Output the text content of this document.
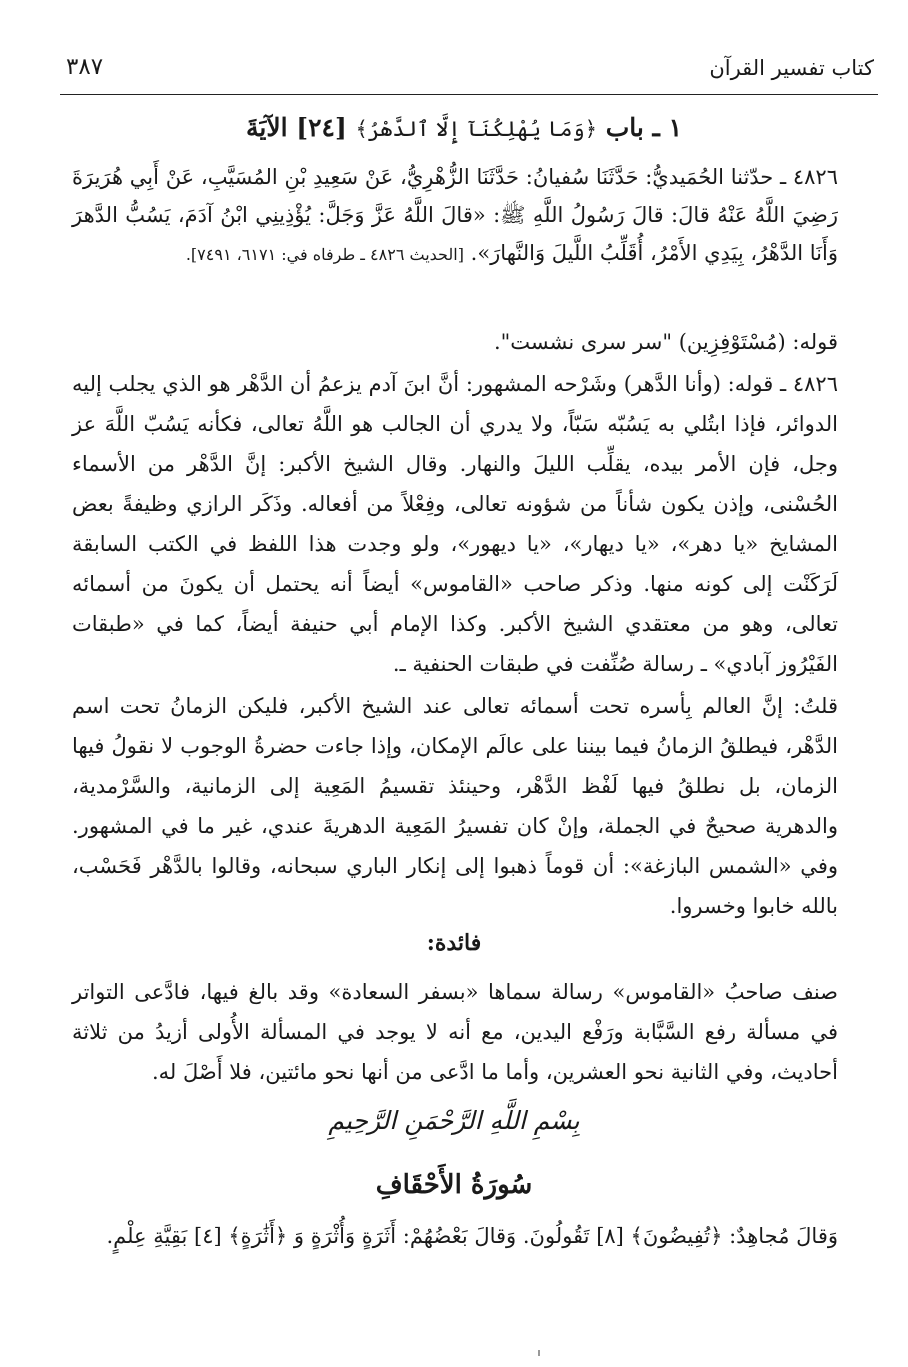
كتاب تفسير القرآن
٣٨٧
١ ـ باب ﴿وَمَا يُهْلِكُنَآ إِلَّا ٱلدَّهْرُ﴾ [٢٤] الآيَةَ
٤٨٢٦ ـ حدّثنا الحُمَيديُّ: حَدَّثَنَا سُفيانُ: حَدَّثَنَا الزُّهْرِيُّ، عَنْ سَعِيدِ بْنِ المُسَيَّبِ، عَنْ أَبِي هُرَيرَةَ رَضِيَ اللَّهُ عَنْهُ قالَ: قالَ رَسُولُ اللَّهِ ﷺ: «قالَ اللَّهُ عَزَّ وَجَلَّ: يُؤْذِينِي ابْنُ آدَمَ، يَسُبُّ الدَّهرَ وَأَنَا الدَّهْرُ، بِيَدِي الأَمْرُ، أُقَلِّبُ اللَّيلَ وَالنَّهارَ». [الحديث ٤٨٢٦ ـ طرفاه في: ٦١٧١، ٧٤٩١].
قوله: (مُسْتَوْفِزِين) "سر سرى نشست".
٤٨٢٦ ـ قوله: (وأنا الدَّهر) وشَرْحه المشهور: أنَّ ابنَ آدم يزعمُ أن الدَّهْر هو الذي يجلب إليه الدوائر، فإذا ابتُلي به يَسُبّه سَبّاً، ولا يدري أن الجالب هو اللَّهُ تعالى، فكأنه يَسُبّ اللَّهَ عز وجل، فإن الأمر بيده، يقلِّب الليلَ والنهار. وقال الشيخ الأكبر: إنَّ الدَّهْر من الأسماء الحُسْنى، وإذن يكون شأناً من شؤونه تعالى، وفِعْلاً من أفعاله. وذَكَر الرازي وظيفةً بعض المشايخ «يا دهر»، «يا ديهار»، «يا ديهور»، ولو وجدت هذا اللفظ في الكتب السابقة لَرَكَنْت إلى كونه منها. وذكر صاحب «القاموس» أيضاً أنه يحتمل أن يكونَ من أسمائه تعالى، وهو من معتقدي الشيخ الأكبر. وكذا الإمام أبي حنيفة أيضاً، كما في «طبقات الفَيْرُوز آبادي» ـ رسالة صُنِّفت في طبقات الحنفية ـ.
قلتُ: إنَّ العالم بِأسره تحت أسمائه تعالى عند الشيخ الأكبر، فليكن الزمانُ تحت اسم الدَّهْر، فيطلقُ الزمانُ فيما بيننا على عالَم الإمكان، وإذا جاءت حضرةُ الوجوب لا نقولُ فيها الزمان، بل نطلقُ فيها لَفْظ الدَّهْر، وحينئذ تقسيمُ المَعِية إلى الزمانية، والسَّرْمدية، والدهرية صحيحٌ في الجملة، وإنْ كان تفسيرُ المَعِية الدهريةَ عندي، غير ما في المشهور. وفي «الشمس البازغة»: أن قوماً ذهبوا إلى إنكار الباري سبحانه، وقالوا بالدَّهْر فَحَسْب، بالله خابوا وخسروا.
فائدة:
صنف صاحبُ «القاموس» رسالة سماها «بسفر السعادة» وقد بالغ فيها، فادَّعى التواتر في مسألة رفع السَّبَّابة ورَفْع اليدين، مع أنه لا يوجد في المسألة الأُولى أزيدُ من ثلاثة أحاديث، وفي الثانية نحو العشرين، وأما ما ادَّعى من أنها نحو مائتين، فلا أَصْلَ له.
بِسْمِ اللَّهِ الرَّحْمَنِ الرَّحِيمِ
سُورَةُ الأَحْقَافِ
وَقالَ مُجاهِدٌ: ﴿تُفِيضُونَ﴾ [٨] تَقُولُونَ. وَقالَ بَعْضُهُمْ: أَثَرَةٍ وَأُثْرَةٍ وَ ﴿أَثَٰرَةٍ﴾ [٤] بَقِيَّةِ عِلْمٍ.
